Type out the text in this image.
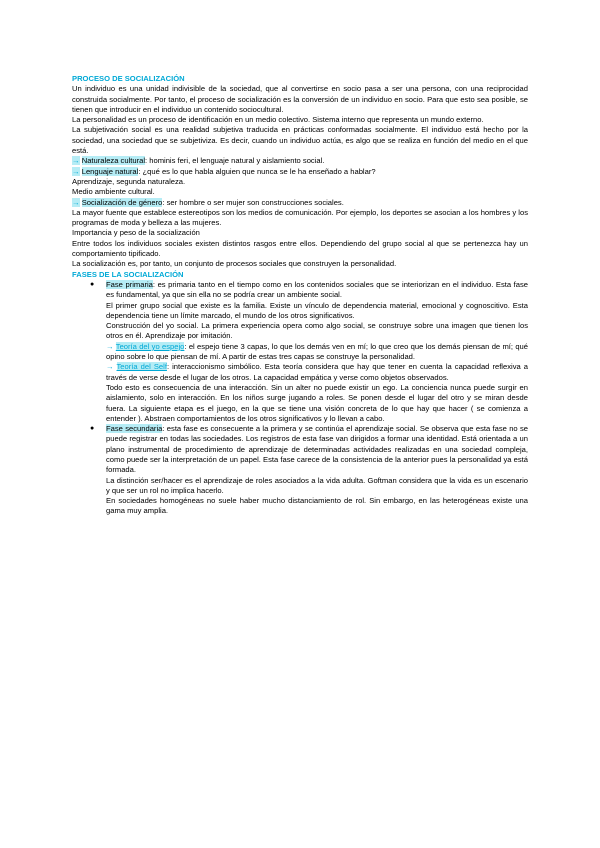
PROCESO DE SOCIALIZACIÓN

Un individuo es una unidad indivisible de la sociedad, que al convertirse en socio pasa a ser una persona, con una reciprocidad construida socialmente. Por tanto, el proceso de socialización es la conversión de un individuo en socio. Para que esto sea posible, se tienen que introducir en el individuo un contenido sociocultural.

La personalidad es un proceso de identificación en un medio colectivo. Sistema interno que representa un mundo externo.

La subjetivación social es una realidad subjetiva traducida en prácticas conformadas socialmente. El individuo está hecho por la sociedad, una sociedad que se subjetiviza. Es decir, cuando un individuo actúa, es algo que se realiza en función del medio en el que está.

→ Naturaleza cultural: hominis feri, el lenguaje natural y aislamiento social.

→ Lenguaje natural: ¿qué es lo que habla alguien que nunca se le ha enseñado a hablar?

Aprendizaje, segunda naturaleza.

Medio ambiente cultural.

→ Socialización de género: ser hombre o ser mujer son construcciones sociales.

La mayor fuente que establece estereotipos son los medios de comunicación. Por ejemplo, los deportes se asocian a los hombres y los programas de moda y belleza a las mujeres.

Importancia y peso de la socialización

Entre todos los individuos sociales existen distintos rasgos entre ellos. Dependiendo del grupo social al que se pertenezca hay un comportamiento tipificado.

La socialización es, por tanto, un conjunto de procesos sociales que construyen la personalidad.

FASES DE LA SOCIALIZACIÓN

● Fase primaria: es primaria tanto en el tiempo como en los contenidos sociales que se interiorizan en el individuo. Esta fase es fundamental, ya que sin ella no se podría crear un ambiente social.

El primer grupo social que existe es la familia. Existe un vínculo de dependencia material, emocional y cognoscitivo. Esta dependencia tiene un límite marcado, el mundo de los otros significativos.

Construcción del yo social. La primera experiencia opera como algo social, se construye sobre una imagen que tienen los otros en él. Aprendizaje por imitación.

→ Teoría del yo espejo: el espejo tiene 3 capas, lo que los demás ven en mí; lo que creo que los demás piensan de mí; qué opino sobre lo que piensan de mí. A partir de estas tres capas se construye la personalidad.

→ Teoría del Self: interaccionismo simbólico. Esta teoría considera que hay que tener en cuenta la capacidad reflexiva a través de verse desde el lugar de los otros. La capacidad empática y verse como objetos observados.

Todo esto es consecuencia de una interacción. Sin un alter no puede existir un ego. La conciencia nunca puede surgir en aislamiento, solo en interacción. En los niños surge jugando a roles. Se ponen desde el lugar del otro y se miran desde fuera. La siguiente etapa es el juego, en la que se tiene una visión concreta de lo que hay que hacer ( se comienza a entender ). Abstraen comportamientos de los otros significativos y lo llevan a cabo.

● Fase secundaria: esta fase es consecuente a la primera y se continúa el aprendizaje social. Se observa que esta fase no se puede registrar en todas las sociedades. Los registros de esta fase van dirigidos a formar una identidad. Está orientada a un plano instrumental de procedimiento de aprendizaje de determinadas actividades realizadas en una sociedad compleja, como puede ser la interpretación de un papel. Esta fase carece de la consistencia de la anterior pues la personalidad ya está formada.

La distinción ser/hacer es el aprendizaje de roles asociados a la vida adulta. Goftman considera que la vida es un escenario y que ser un rol no implica hacerlo.

En sociedades homogéneas no suele haber mucho distanciamiento de rol. Sin embargo, en las heterogéneas existe una gama muy amplia.
